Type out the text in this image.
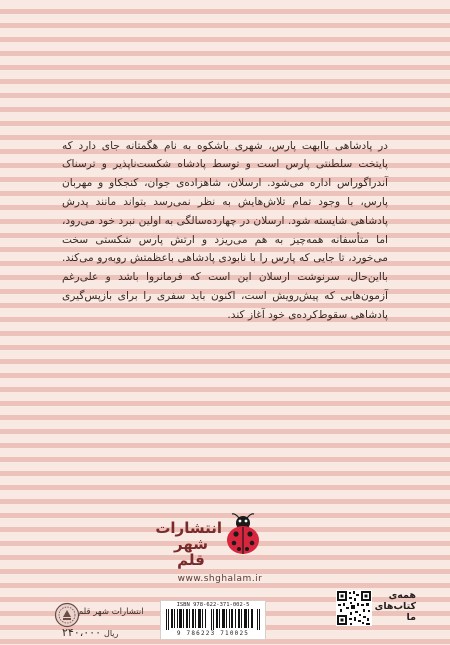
در پادشاهی باابهت پارس، شهری باشکوه به نام هگمتانه جای دارد که پایتخت سلطنتی پارس است و توسط پادشاه شکست‌ناپذیر و ترسناک آندراگوراس اداره می‌شود. ارسلان، شاهزاده‌ی جوان، کنجکاو و مهربان پارس، با وجود تمام تلاش‌هایش به نظر نمی‌رسد بتواند مانند پدرش پادشاهی شایسته شود. ارسلان در چهارده‌سالگی به اولین نبرد خود می‌رود، اما متأسفانه همه‌چیز به هم می‌ریزد و ارتش پارس شکستی سخت می‌خورد، تا جایی که پارس را با نابودی پادشاهی باعظمتش روبه‌رو می‌کند. بااین‌حال، سرنوشت ارسلان این است که فرمانروا باشد و علی‌رغم آزمون‌هایی که پیش‌رویش است، اکنون باید سفری را برای بازپس‌گیری پادشاهی سقوط‌کرده‌ی خود آغاز کند.

انتشارات شهر قلم
www.shghalam.ir
ISBN 978-622-371-002-5
9 786223 710025
انتشارات شهر قلم
۲۴۰،۰۰۰ ریال
همه‌ی کتاب‌های ما
